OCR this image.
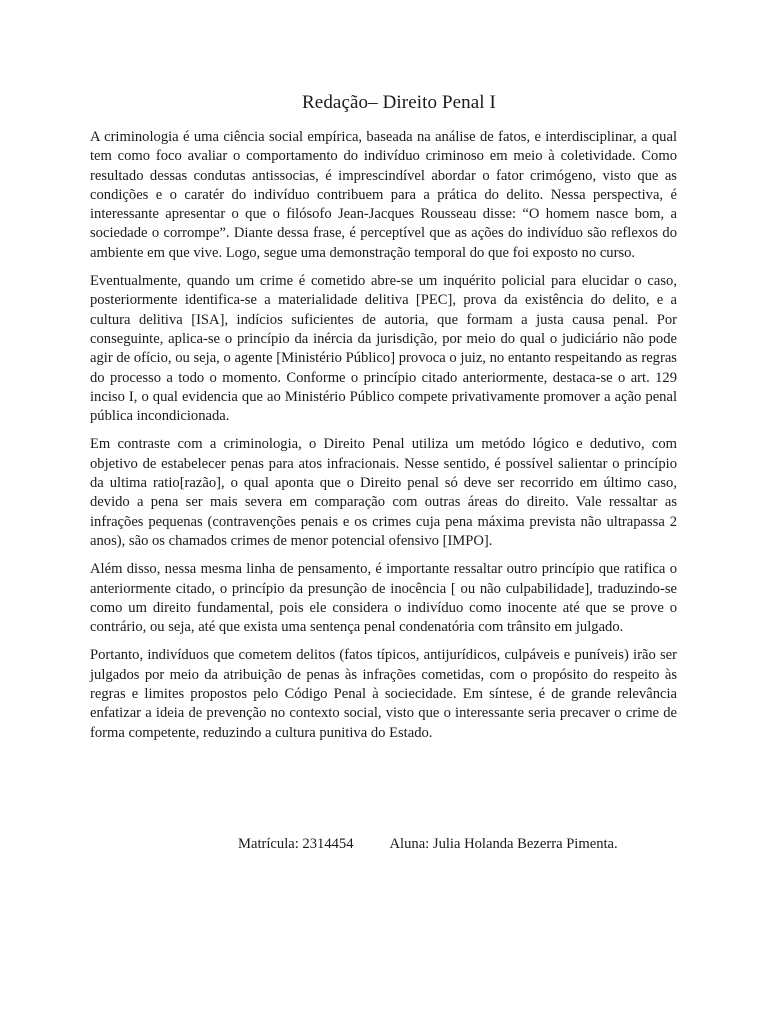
Redação– Direito Penal I

A criminologia é uma ciência social empírica, baseada na análise de fatos, e interdisciplinar, a qual tem como foco avaliar o comportamento do indivíduo criminoso em meio à coletividade. Como resultado dessas condutas antissocias, é imprescindível abordar o fator crimógeno, visto que as condições e o caratér do indivíduo contribuem para a prática do delito. Nessa perspectiva, é interessante apresentar o que o filósofo Jean-Jacques Rousseau disse: “O homem nasce bom, a sociedade o corrompe”. Diante dessa frase, é perceptível que as ações do indivíduo são reflexos do ambiente em que vive. Logo, segue uma demonstração temporal do que foi exposto no curso.

Eventualmente, quando um crime é cometido abre-se um inquérito policial para elucidar o caso, posteriormente identifica-se a materialidade delitiva [PEC], prova da existência do delito, e a cultura delitiva [ISA], indícios suficientes de autoria, que formam a justa causa penal. Por conseguinte, aplica-se o princípio da inércia da jurisdição, por meio do qual o judiciário não pode agir de ofício, ou seja, o agente [Ministério Público] provoca o juiz, no entanto respeitando as regras do processo a todo o momento. Conforme o princípio citado anteriormente, destaca-se o art. 129 inciso I, o qual evidencia que ao Ministério Público compete privativamente promover a ação penal pública incondicionada.

Em contraste com a criminologia, o Direito Penal utiliza um metódo lógico e dedutivo, com objetivo de estabelecer penas para atos infracionais. Nesse sentido, é possível salientar o princípio da ultima ratio[razão], o qual aponta que o Direito penal só deve ser recorrido em último caso, devido a pena ser mais severa em comparação com outras áreas do direito. Vale ressaltar as infrações pequenas (contravenções penais e os crimes cuja pena máxima prevista não ultrapassa 2 anos), são os chamados crimes de menor potencial ofensivo [IMPO].

Além disso, nessa mesma linha de pensamento, é importante ressaltar outro princípio que ratifica o anteriormente citado, o princípio da presunção de inocência [ ou não culpabilidade], traduzindo-se como um direito fundamental, pois ele considera o indivíduo como inocente até que se prove o contrário, ou seja, até que exista uma sentença penal condenatória com trânsito em julgado.

Portanto, indivíduos que cometem delitos (fatos típicos, antijurídicos, culpáveis e puníveis) irão ser julgados por meio da atribuição de penas às infrações cometidas, com o propósito do respeito às regras e limites propostos pelo Código Penal à sociecidade. Em síntese, é de grande relevância enfatizar a ideia de prevenção no contexto social, visto que o interessante seria precaver o crime de forma competente, reduzindo a cultura punitiva do Estado.

Matrícula: 2314454 Aluna: Julia Holanda Bezerra Pimenta.
